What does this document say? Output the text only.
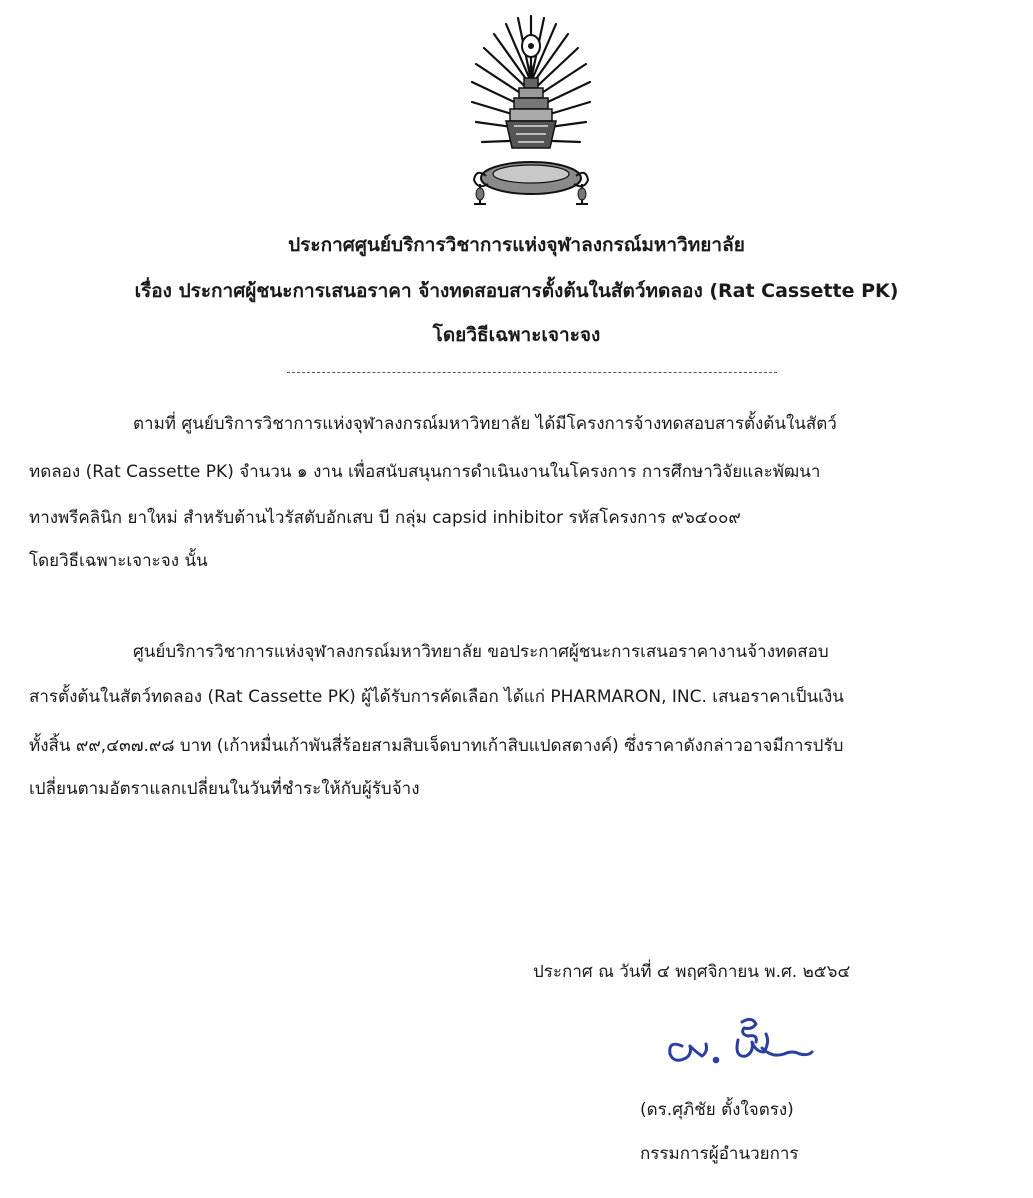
ประกาศศูนย์บริการวิชาการแห่งจุฬาลงกรณ์มหาวิทยาลัย
เรื่อง ประกาศผู้ชนะการเสนอราคา จ้างทดสอบสารตั้งต้นในสัตว์ทดลอง (Rat Cassette PK)
โดยวิธีเฉพาะเจาะจง
ตามที่ ศูนย์บริการวิชาการแห่งจุฬาลงกรณ์มหาวิทยาลัย ได้มีโครงการจ้างทดสอบสารตั้งต้นในสัตว์
ทดลอง (Rat Cassette PK) จำนวน ๑ งาน เพื่อสนับสนุนการดำเนินงานในโครงการ การศึกษาวิจัยและพัฒนา
ทางพรีคลินิก ยาใหม่ สำหรับต้านไวรัสตับอักเสบ บี กลุ่ม capsid inhibitor รหัสโครงการ ๙๖๔๐๐๙
โดยวิธีเฉพาะเจาะจง นั้น
ศูนย์บริการวิชาการแห่งจุฬาลงกรณ์มหาวิทยาลัย ขอประกาศผู้ชนะการเสนอราคางานจ้างทดสอบ
สารตั้งต้นในสัตว์ทดลอง (Rat Cassette PK) ผู้ได้รับการคัดเลือก ได้แก่ PHARMARON, INC. เสนอราคาเป็นเงิน
ทั้งสิ้น ๙๙,๔๓๗.๙๘ บาท (เก้าหมื่นเก้าพันสี่ร้อยสามสิบเจ็ดบาทเก้าสิบแปดสตางค์) ซึ่งราคาดังกล่าวอาจมีการปรับ
เปลี่ยนตามอัตราแลกเปลี่ยนในวันที่ชำระให้กับผู้รับจ้าง
ประกาศ ณ วันที่ ๔ พฤศจิกายน พ.ศ. ๒๕๖๔
(ดร.ศุภิชัย ตั้งใจตรง)
กรรมการผู้อำนวยการ
